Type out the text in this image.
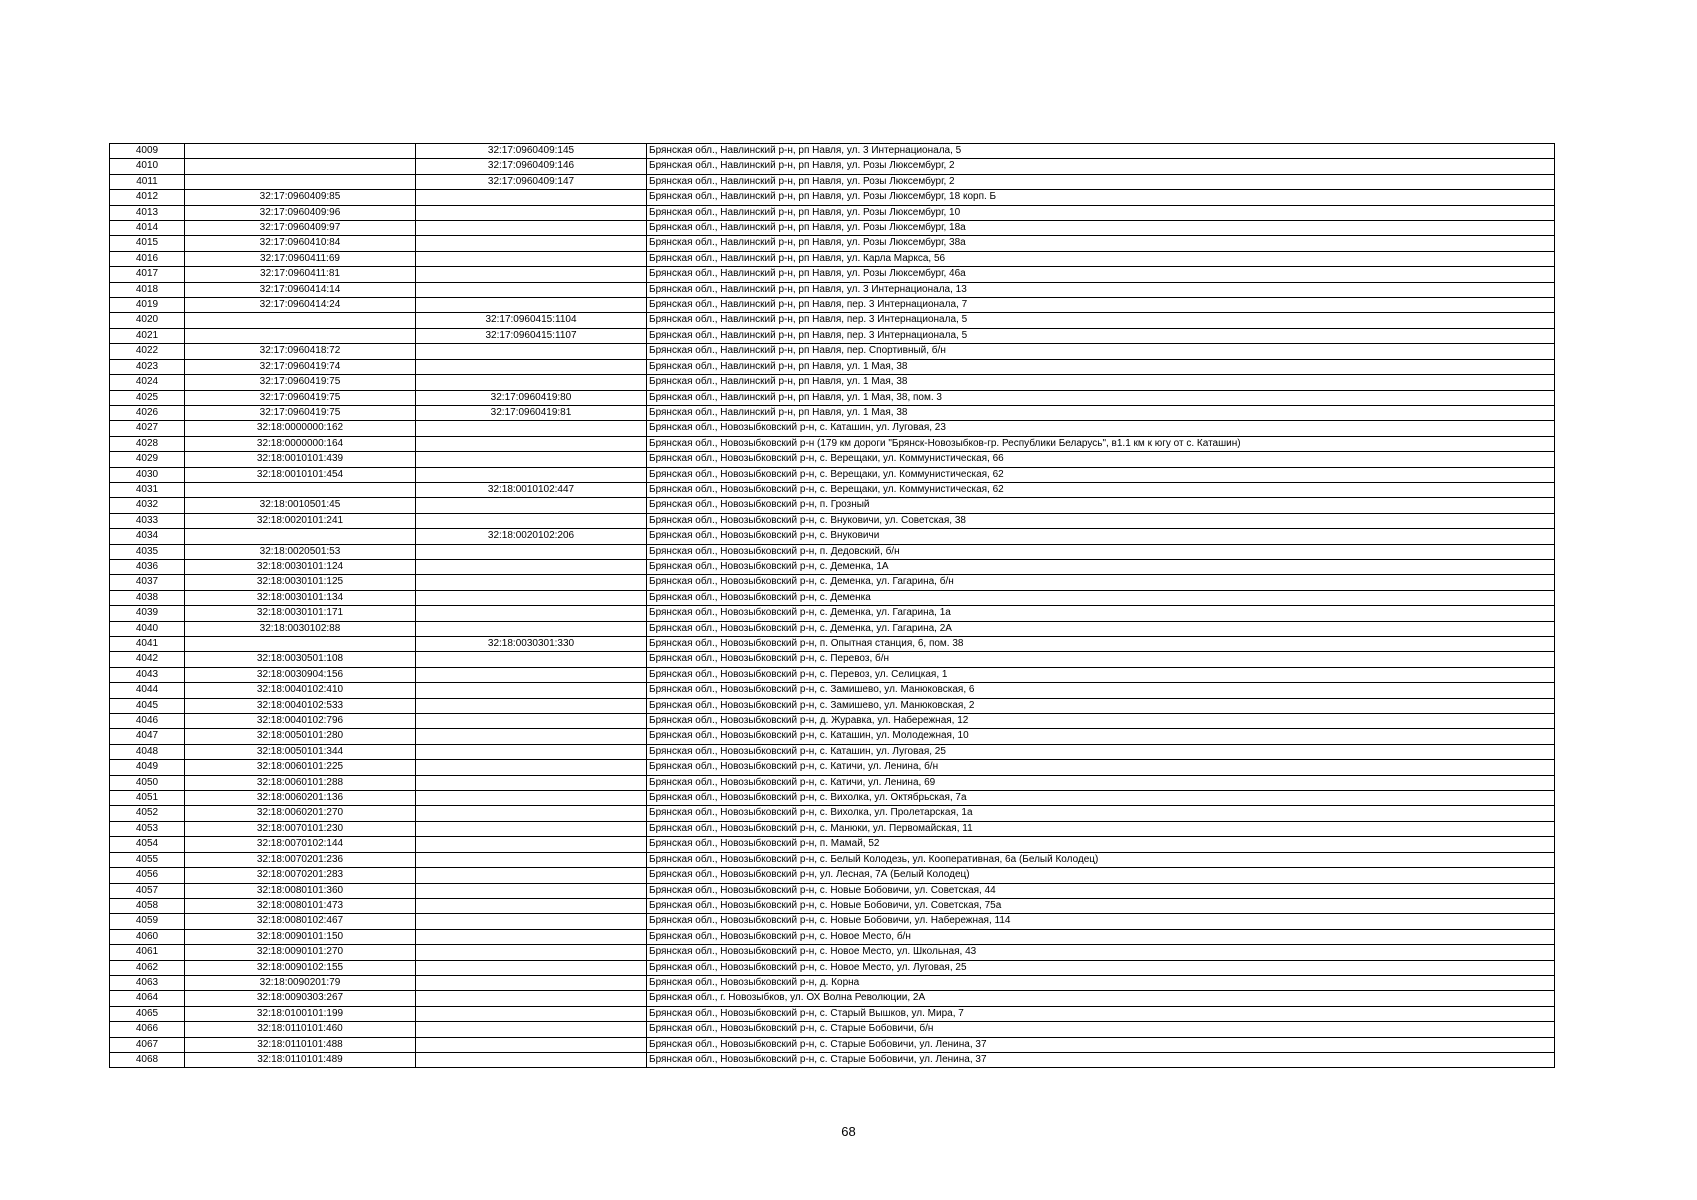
4009		32:17:0960409:145	Брянская обл., Навлинский р-н, рп Навля, ул. 3 Интернационала, 5
4010		32:17:0960409:146	Брянская обл., Навлинский р-н, рп Навля, ул. Розы Люксембург, 2
4011		32:17:0960409:147	Брянская обл., Навлинский р-н, рп Навля, ул. Розы Люксембург, 2
4012	32:17:0960409:85		Брянская обл., Навлинский р-н, рп Навля, ул. Розы Люксембург, 18 корп. Б
4013	32:17:0960409:96		Брянская обл., Навлинский р-н, рп Навля, ул. Розы Люксембург, 10
4014	32:17:0960409:97		Брянская обл., Навлинский р-н, рп Навля, ул. Розы Люксембург, 18а
4015	32:17:0960410:84		Брянская обл., Навлинский р-н, рп Навля, ул. Розы Люксембург, 38а
4016	32:17:0960411:69		Брянская обл., Навлинский р-н, рп Навля, ул. Карла Маркса, 56
4017	32:17:0960411:81		Брянская обл., Навлинский р-н, рп Навля, ул. Розы Люксембург, 46а
4018	32:17:0960414:14		Брянская обл., Навлинский р-н, рп Навля, ул. 3 Интернационала, 13
4019	32:17:0960414:24		Брянская обл., Навлинский р-н, рп Навля, пер. 3 Интернационала, 7
4020		32:17:0960415:1104	Брянская обл., Навлинский р-н, рп Навля, пер. 3 Интернационала, 5
4021		32:17:0960415:1107	Брянская обл., Навлинский р-н, рп Навля, пер. 3 Интернационала, 5
4022	32:17:0960418:72		Брянская обл., Навлинский р-н, рп Навля, пер. Спортивный, б/н
4023	32:17:0960419:74		Брянская обл., Навлинский р-н, рп Навля, ул. 1 Мая, 38
4024	32:17:0960419:75		Брянская обл., Навлинский р-н, рп Навля, ул. 1 Мая, 38
4025	32:17:0960419:75	32:17:0960419:80	Брянская обл., Навлинский р-н, рп Навля, ул. 1 Мая, 38, пом. 3
4026	32:17:0960419:75	32:17:0960419:81	Брянская обл., Навлинский р-н, рп Навля, ул. 1 Мая, 38
4027	32:18:0000000:162		Брянская обл., Новозыбковский р-н, с. Каташин, ул. Луговая, 23
4028	32:18:0000000:164		Брянская обл., Новозыбковский р-н (179 км дороги "Брянск-Новозыбков-гр. Республики Беларусь", в1.1 км к югу от с. Каташин)
4029	32:18:0010101:439		Брянская обл., Новозыбковский р-н, с. Верещаки, ул. Коммунистическая, 66
4030	32:18:0010101:454		Брянская обл., Новозыбковский р-н, с. Верещаки, ул. Коммунистическая, 62
4031		32:18:0010102:447	Брянская обл., Новозыбковский р-н, с. Верещаки, ул. Коммунистическая, 62
4032	32:18:0010501:45		Брянская обл., Новозыбковский р-н, п. Грозный
4033	32:18:0020101:241		Брянская обл., Новозыбковский р-н, с. Внуковичи, ул. Советская, 38
4034		32:18:0020102:206	Брянская обл., Новозыбковский р-н, с. Внуковичи
4035	32:18:0020501:53		Брянская обл., Новозыбковский р-н, п. Дедовский, б/н
4036	32:18:0030101:124		Брянская обл., Новозыбковский р-н, с. Деменка, 1А
4037	32:18:0030101:125		Брянская обл., Новозыбковский р-н, с. Деменка, ул. Гагарина, б/н
4038	32:18:0030101:134		Брянская обл., Новозыбковский р-н, с. Деменка
4039	32:18:0030101:171		Брянская обл., Новозыбковский р-н, с. Деменка, ул. Гагарина, 1а
4040	32:18:0030102:88		Брянская обл., Новозыбковский р-н, с. Деменка, ул. Гагарина, 2А
4041		32:18:0030301:330	Брянская обл., Новозыбковский р-н, п. Опытная станция, 6, пом. 38
4042	32:18:0030501:108		Брянская обл., Новозыбковский р-н, с. Перевоз, б/н
4043	32:18:0030904:156		Брянская обл., Новозыбковский р-н, с. Перевоз, ул. Селицкая, 1
4044	32:18:0040102:410		Брянская обл., Новозыбковский р-н, с. Замишево, ул. Манюковская, 6
4045	32:18:0040102:533		Брянская обл., Новозыбковский р-н, с. Замишево, ул. Манюковская, 2
4046	32:18:0040102:796		Брянская обл., Новозыбковский р-н, д. Журавка, ул. Набережная, 12
4047	32:18:0050101:280		Брянская обл., Новозыбковский р-н, с. Каташин, ул. Молодежная, 10
4048	32:18:0050101:344		Брянская обл., Новозыбковский р-н, с. Каташин, ул. Луговая, 25
4049	32:18:0060101:225		Брянская обл., Новозыбковский р-н, с. Катичи, ул. Ленина, б/н
4050	32:18:0060101:288		Брянская обл., Новозыбковский р-н, с. Катичи, ул. Ленина, 69
4051	32:18:0060201:136		Брянская обл., Новозыбковский р-н, с. Вихолка, ул. Октябрьская, 7а
4052	32:18:0060201:270		Брянская обл., Новозыбковский р-н, с. Вихолка, ул. Пролетарская, 1а
4053	32:18:0070101:230		Брянская обл., Новозыбковский р-н, с. Манюки, ул. Первомайская, 11
4054	32:18:0070102:144		Брянская обл., Новозыбковский р-н, п. Мамай, 52
4055	32:18:0070201:236		Брянская обл., Новозыбковский р-н, с. Белый Колодезь, ул. Кооперативная, 6а (Белый Колодец)
4056	32:18:0070201:283		Брянская обл., Новозыбковский р-н, ул. Лесная, 7А (Белый Колодец)
4057	32:18:0080101:360		Брянская обл., Новозыбковский р-н, с. Новые Бобовичи, ул. Советская, 44
4058	32:18:0080101:473		Брянская обл., Новозыбковский р-н, с. Новые Бобовичи, ул. Советская, 75а
4059	32:18:0080102:467		Брянская обл., Новозыбковский р-н, с. Новые Бобовичи, ул. Набережная, 114
4060	32:18:0090101:150		Брянская обл., Новозыбковский р-н, с. Новое Место, б/н
4061	32:18:0090101:270		Брянская обл., Новозыбковский р-н, с. Новое Место, ул. Школьная, 43
4062	32:18:0090102:155		Брянская обл., Новозыбковский р-н, с. Новое Место, ул. Луговая, 25
4063	32:18:0090201:79		Брянская обл., Новозыбковский р-н, д. Корна
4064	32:18:0090303:267		Брянская обл., г. Новозыбков, ул. ОХ Волна Революции, 2А
4065	32:18:0100101:199		Брянская обл., Новозыбковский р-н, с. Старый Вышков, ул. Мира, 7
4066	32:18:0110101:460		Брянская обл., Новозыбковский р-н, с. Старые Бобовичи, б/н
4067	32:18:0110101:488		Брянская обл., Новозыбковский р-н, с. Старые Бобовичи, ул. Ленина, 37
4068	32:18:0110101:489		Брянская обл., Новозыбковский р-н, с. Старые Бобовичи, ул. Ленина, 37
68
